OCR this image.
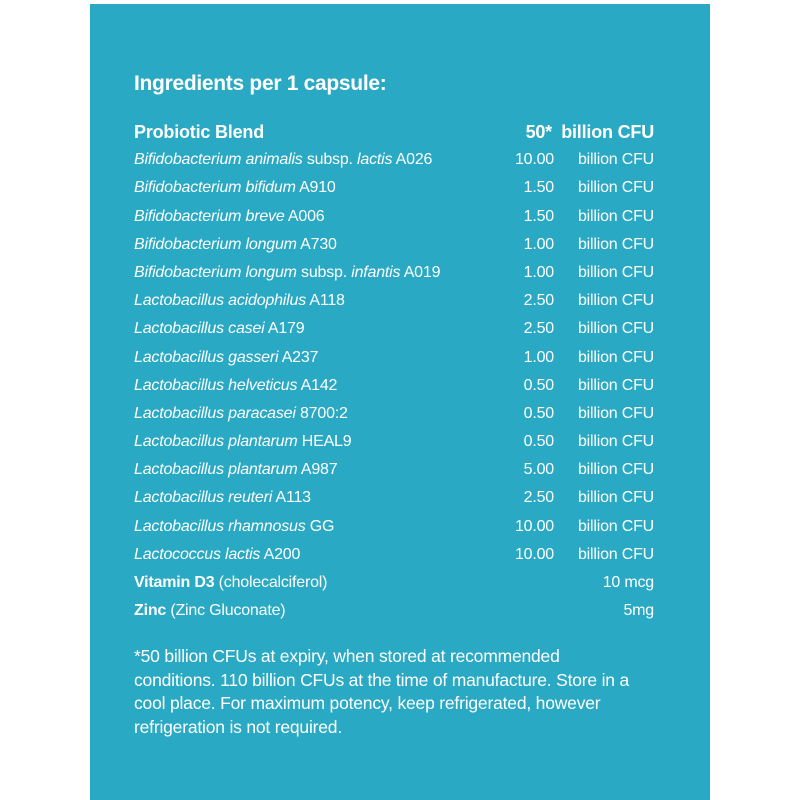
Ingredients per 1 capsule:
Probiotic Blend	50* billion CFU
Bifidobacterium animalis subsp. lactis A026	10.00 billion CFU
Bifidobacterium bifidum A910	1.50 billion CFU
Bifidobacterium breve A006	1.50 billion CFU
Bifidobacterium longum A730	1.00 billion CFU
Bifidobacterium longum subsp. infantis A019	1.00 billion CFU
Lactobacillus acidophilus A118	2.50 billion CFU
Lactobacillus casei A179	2.50 billion CFU
Lactobacillus gasseri A237	1.00 billion CFU
Lactobacillus helveticus A142	0.50 billion CFU
Lactobacillus paracasei 8700:2	0.50 billion CFU
Lactobacillus plantarum HEAL9	0.50 billion CFU
Lactobacillus plantarum A987	5.00 billion CFU
Lactobacillus reuteri A113	2.50 billion CFU
Lactobacillus rhamnosus GG	10.00 billion CFU
Lactococcus lactis A200	10.00 billion CFU
Vitamin D3 (cholecalciferol)	10 mcg
Zinc (Zinc Gluconate)	5mg

*50 billion CFUs at expiry, when stored at recommended conditions. 110 billion CFUs at the time of manufacture. Store in a cool place. For maximum potency, keep refrigerated, however refrigeration is not required.
